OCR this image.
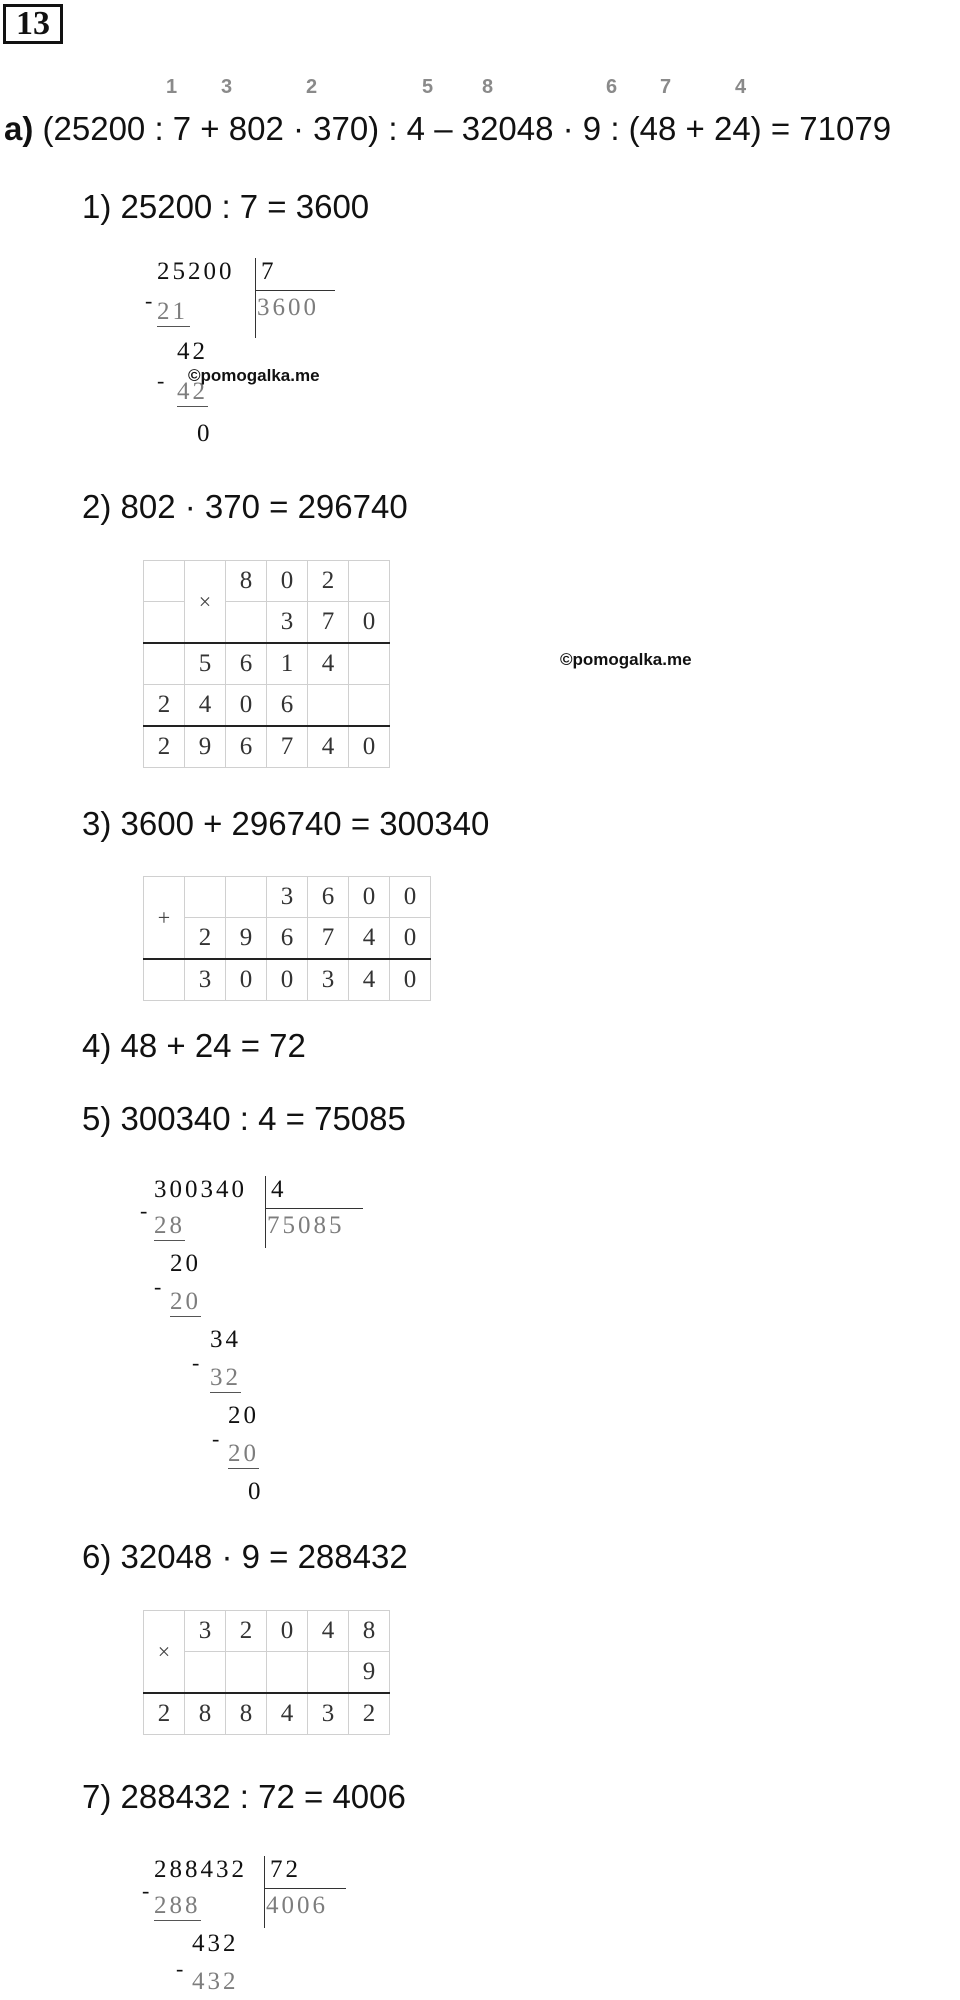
13
1 3	2	5 8	6 7	4
а) (25200 : 7 + 802 · 370) : 4 – 32048 · 9 : (48 + 24) = 71079
1) 25200 : 7 = 3600
25200 7
3600
- 21
42
- 42
0
©pomogalka.me
2) 802 · 370 = 296740
	×	8	0	2	
			3	7	0
	5	6	1	4	
2	4	0	6		
2	9	6	7	4	0
©pomogalka.me
3) 3600 + 296740 = 300340
+			3	6	0	0
	2	9	6	7	4	0
	3	0	0	3	4	0
4) 48 + 24 = 72
5) 300340 : 4 = 75085
300340 4
75085
-
28
20
-
20
34
-
32
20
-
20
0
6) 32048 · 9 = 288432
×	3	2	0	4	8
					9
2	8	8	4	3	2
7) 288432 : 72 = 4006
288432 72
4006
-
288
432
- 432
